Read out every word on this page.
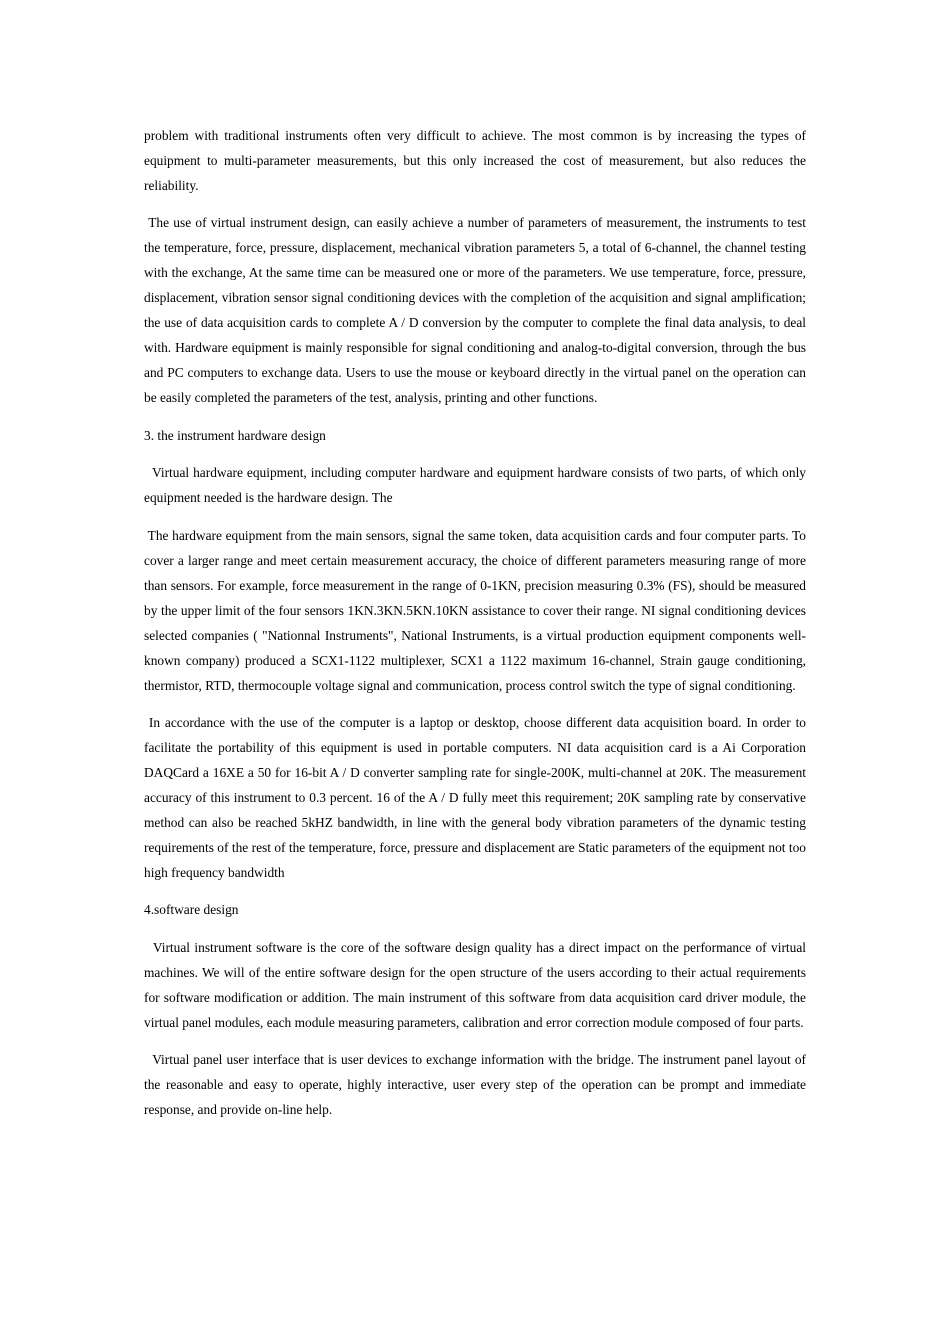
problem with traditional instruments often very difficult to achieve. The most common is by increasing the types of equipment to multi-parameter measurements, but this only increased the cost of measurement, but also reduces the reliability.

The use of virtual instrument design, can easily achieve a number of parameters of measurement, the instruments to test the temperature, force, pressure, displacement, mechanical vibration parameters 5, a total of 6-channel, the channel testing with the exchange, At the same time can be measured one or more of the parameters. We use temperature, force, pressure, displacement, vibration sensor signal conditioning devices with the completion of the acquisition and signal amplification; the use of data acquisition cards to complete A / D conversion by the computer to complete the final data analysis, to deal with. Hardware equipment is mainly responsible for signal conditioning and analog-to-digital conversion, through the bus and PC computers to exchange data. Users to use the mouse or keyboard directly in the virtual panel on the operation can be easily completed the parameters of the test, analysis, printing and other functions.

3. the instrument hardware design

Virtual hardware equipment, including computer hardware and equipment hardware consists of two parts, of which only equipment needed is the hardware design. The

The hardware equipment from the main sensors, signal the same token, data acquisition cards and four computer parts. To cover a larger range and meet certain measurement accuracy, the choice of different parameters measuring range of more than sensors. For example, force measurement in the range of 0-1KN, precision measuring 0.3% (FS), should be measured by the upper limit of the four sensors 1KN.3KN.5KN.10KN assistance to cover their range. NI signal conditioning devices selected companies ( "Nationnal Instruments", National Instruments, is a virtual production equipment components well-known company) produced a SCX1-1122 multiplexer, SCX1 a 1122 maximum 16-channel, Strain gauge conditioning, thermistor, RTD, thermocouple voltage signal and communication, process control switch the type of signal conditioning.

In accordance with the use of the computer is a laptop or desktop, choose different data acquisition board. In order to facilitate the portability of this equipment is used in portable computers. NI data acquisition card is a Ai Corporation DAQCard a 16XE a 50 for 16-bit A / D converter sampling rate for single-200K, multi-channel at 20K. The measurement accuracy of this instrument to 0.3 percent. 16 of the A / D fully meet this requirement; 20K sampling rate by conservative method can also be reached 5kHZ bandwidth, in line with the general body vibration parameters of the dynamic testing requirements of the rest of the temperature, force, pressure and displacement are Static parameters of the equipment not too high frequency bandwidth

4.software design

Virtual instrument software is the core of the software design quality has a direct impact on the performance of virtual machines. We will of the entire software design for the open structure of the users according to their actual requirements for software modification or addition. The main instrument of this software from data acquisition card driver module, the virtual panel modules, each module measuring parameters, calibration and error correction module composed of four parts.

Virtual panel user interface that is user devices to exchange information with the bridge. The instrument panel layout of the reasonable and easy to operate, highly interactive, user every step of the operation can be prompt and immediate response, and provide on-line help.
